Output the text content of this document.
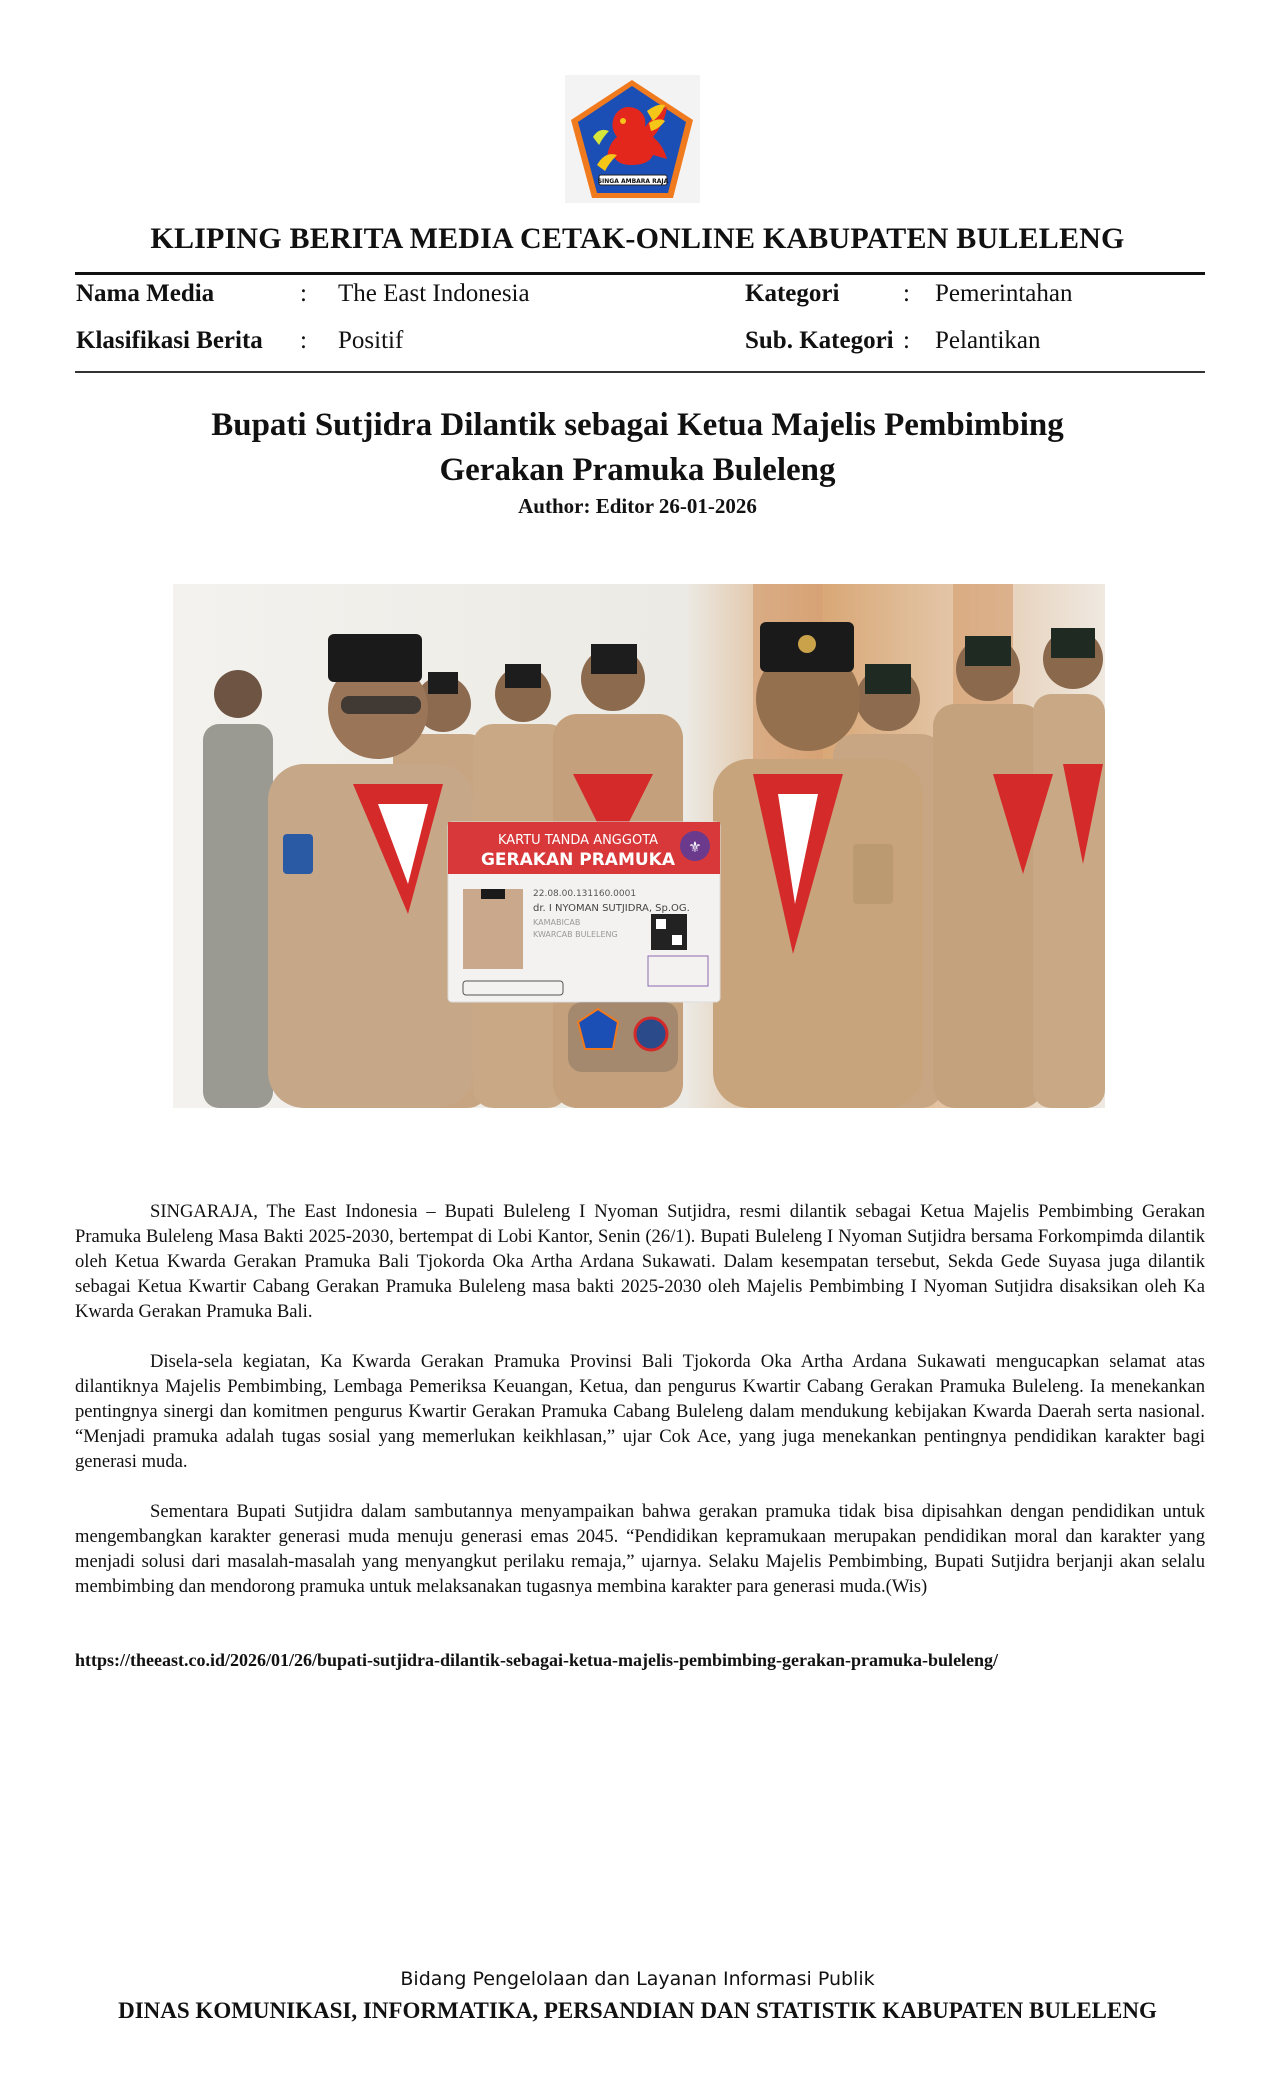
SINGA AMBARA RAJA
KLIPING BERITA MEDIA CETAK-ONLINE KABUPATEN BULELENG
Nama Media	: The East Indonesia	Kategori	: Pemerintahan
Klasifikasi Berita : Positif	Sub. Kategori : Pelantikan
Bupati Sutjidra Dilantik sebagai Ketua Majelis Pembimbing
Gerakan Pramuka Buleleng
Author: Editor 26-01-2026
KARTU TANDA ANGGOTA
GERAKAN PRAMUKA
⚜
22.08.00.131160.0001
dr. I NYOMAN SUTJIDRA, Sp.OG.
KAMABICAB
KWARCAB BULELENG

SINGARAJA, The East Indonesia – Bupati Buleleng I Nyoman Sutjidra, resmi dilantik sebagai Ketua Majelis Pembimbing Gerakan Pramuka Buleleng Masa Bakti 2025-2030, bertempat di Lobi Kantor, Senin (26/1). Bupati Buleleng I Nyoman Sutjidra bersama Forkompimda dilantik oleh Ketua Kwarda Gerakan Pramuka Bali Tjokorda Oka Artha Ardana Sukawati. Dalam kesempatan tersebut, Sekda Gede Suyasa juga dilantik sebagai Ketua Kwartir Cabang Gerakan Pramuka Buleleng masa bakti 2025-2030 oleh Majelis Pembimbing I Nyoman Sutjidra disaksikan oleh Ka Kwarda Gerakan Pramuka Bali.

Disela-sela kegiatan, Ka Kwarda Gerakan Pramuka Provinsi Bali Tjokorda Oka Artha Ardana Sukawati mengucapkan selamat atas dilantiknya Majelis Pembimbing, Lembaga Pemeriksa Keuangan, Ketua, dan pengurus Kwartir Cabang Gerakan Pramuka Buleleng. Ia menekankan pentingnya sinergi dan komitmen pengurus Kwartir Gerakan Pramuka Cabang Buleleng dalam mendukung kebijakan Kwarda Daerah serta nasional. “Menjadi pramuka adalah tugas sosial yang memerlukan keikhlasan,” ujar Cok Ace, yang juga menekankan pentingnya pendidikan karakter bagi generasi muda.

Sementara Bupati Sutjidra dalam sambutannya menyampaikan bahwa gerakan pramuka tidak bisa dipisahkan dengan pendidikan untuk mengembangkan karakter generasi muda menuju generasi emas 2045. “Pendidikan kepramukaan merupakan pendidikan moral dan karakter yang menjadi solusi dari masalah-masalah yang menyangkut perilaku remaja,” ujarnya. Selaku Majelis Pembimbing, Bupati Sutjidra berjanji akan selalu membimbing dan mendorong pramuka untuk melaksanakan tugasnya membina karakter para generasi muda.(Wis)

https://theeast.co.id/2026/01/26/bupati-sutjidra-dilantik-sebagai-ketua-majelis-pembimbing-gerakan-pramuka-buleleng/
Bidang Pengelolaan dan Layanan Informasi Publik
DINAS KOMUNIKASI, INFORMATIKA, PERSANDIAN DAN STATISTIK KABUPATEN BULELENG
